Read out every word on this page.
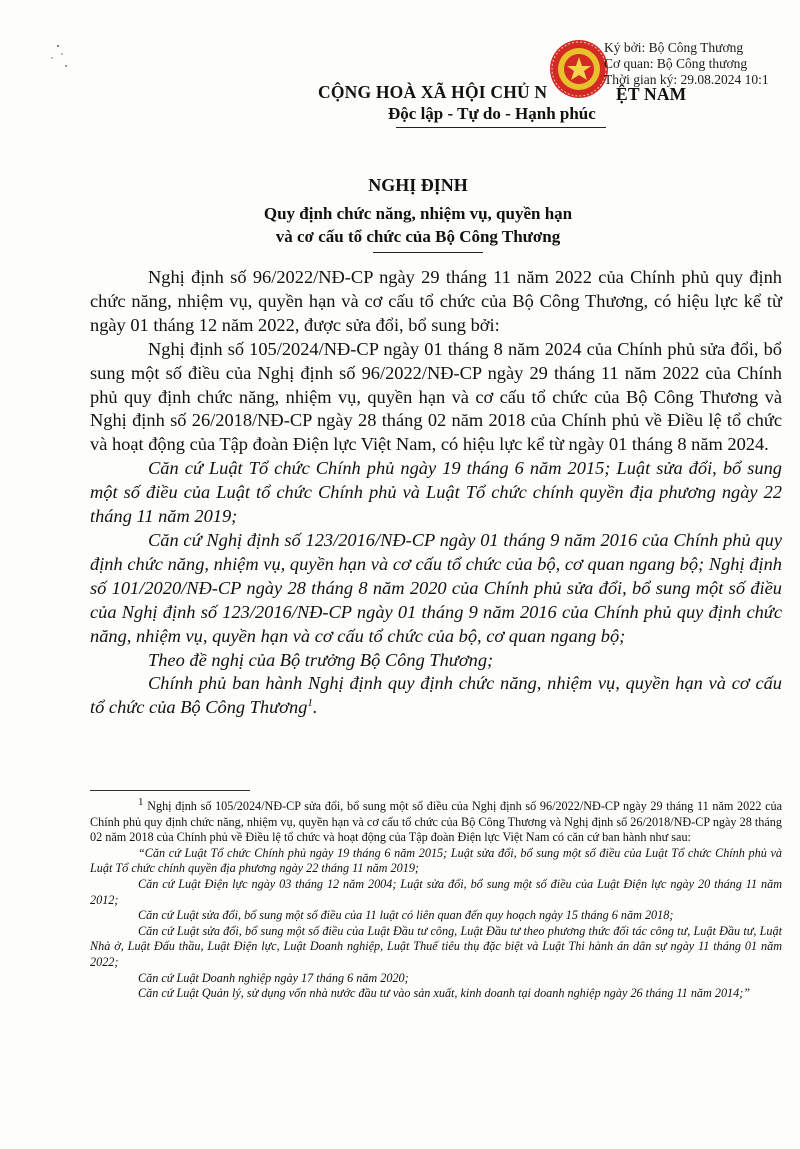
Ký bởi: Bộ Công Thương
Cơ quan: Bộ Công thương
Thời gian ký: 29.08.2024 10:1
CỘNG HOÀ XÃ HỘI CHỦ N	ỆT NAM
Độc lập - Tự do - Hạnh phúc
NGHỊ ĐỊNH
Quy định chức năng, nhiệm vụ, quyền hạn
và cơ cấu tổ chức của Bộ Công Thương

Nghị định số 96/2022/NĐ-CP ngày 29 tháng 11 năm 2022 của Chính phủ quy định chức năng, nhiệm vụ, quyền hạn và cơ cấu tổ chức của Bộ Công Thương, có hiệu lực kể từ ngày 01 tháng 12 năm 2022, được sửa đổi, bổ sung bởi:

Nghị định số 105/2024/NĐ-CP ngày 01 tháng 8 năm 2024 của Chính phủ sửa đổi, bổ sung một số điều của Nghị định số 96/2022/NĐ-CP ngày 29 tháng 11 năm 2022 của Chính phủ quy định chức năng, nhiệm vụ, quyền hạn và cơ cấu tổ chức của Bộ Công Thương và Nghị định số 26/2018/NĐ-CP ngày 28 tháng 02 năm 2018 của Chính phủ về Điều lệ tổ chức và hoạt động của Tập đoàn Điện lực Việt Nam, có hiệu lực kể từ ngày 01 tháng 8 năm 2024.

Căn cứ Luật Tổ chức Chính phủ ngày 19 tháng 6 năm 2015; Luật sửa đổi, bổ sung một số điều của Luật tổ chức Chính phủ và Luật Tổ chức chính quyền địa phương ngày 22 tháng 11 năm 2019;

Căn cứ Nghị định số 123/2016/NĐ-CP ngày 01 tháng 9 năm 2016 của Chính phủ quy định chức năng, nhiệm vụ, quyền hạn và cơ cấu tổ chức của bộ, cơ quan ngang bộ; Nghị định số 101/2020/NĐ-CP ngày 28 tháng 8 năm 2020 của Chính phủ sửa đổi, bổ sung một số điều của Nghị định số 123/2016/NĐ-CP ngày 01 tháng 9 năm 2016 của Chính phủ quy định chức năng, nhiệm vụ, quyền hạn và cơ cấu tổ chức của bộ, cơ quan ngang bộ;

Theo đề nghị của Bộ trưởng Bộ Công Thương;

Chính phủ ban hành Nghị định quy định chức năng, nhiệm vụ, quyền hạn và cơ cấu tổ chức của Bộ Công Thương$^1$.

$^1$ Nghị định số 105/2024/NĐ-CP sửa đổi, bổ sung một số điều của Nghị định số 96/2022/NĐ-CP ngày 29 tháng 11 năm 2022 của Chính phủ quy định chức năng, nhiệm vụ, quyền hạn và cơ cấu tổ chức của Bộ Công Thương và Nghị định số 26/2018/NĐ-CP ngày 28 tháng 02 năm 2018 của Chính phủ về Điều lệ tổ chức và hoạt động của Tập đoàn Điện lực Việt Nam có căn cứ ban hành như sau:

“Căn cứ Luật Tổ chức Chính phủ ngày 19 tháng 6 năm 2015; Luật sửa đổi, bổ sung một số điều của Luật Tổ chức Chính phủ và Luật Tổ chức chính quyền địa phương ngày 22 tháng 11 năm 2019;

Căn cứ Luật Điện lực ngày 03 tháng 12 năm 2004; Luật sửa đổi, bổ sung một số điều của Luật Điện lực ngày 20 tháng 11 năm 2012;

Căn cứ Luật sửa đổi, bổ sung một số điều của 11 luật có liên quan đến quy hoạch ngày 15 tháng 6 năm 2018;

Căn cứ Luật sửa đổi, bổ sung một số điều của Luật Đầu tư công, Luật Đầu tư theo phương thức đối tác công tư, Luật Đầu tư, Luật Nhà ở, Luật Đấu thầu, Luật Điện lực, Luật Doanh nghiệp, Luật Thuế tiêu thụ đặc biệt và Luật Thi hành án dân sự ngày 11 tháng 01 năm 2022;

Căn cứ Luật Doanh nghiệp ngày 17 tháng 6 năm 2020;

Căn cứ Luật Quản lý, sử dụng vốn nhà nước đầu tư vào sản xuất, kinh doanh tại doanh nghiệp ngày 26 tháng 11 năm 2014;”
